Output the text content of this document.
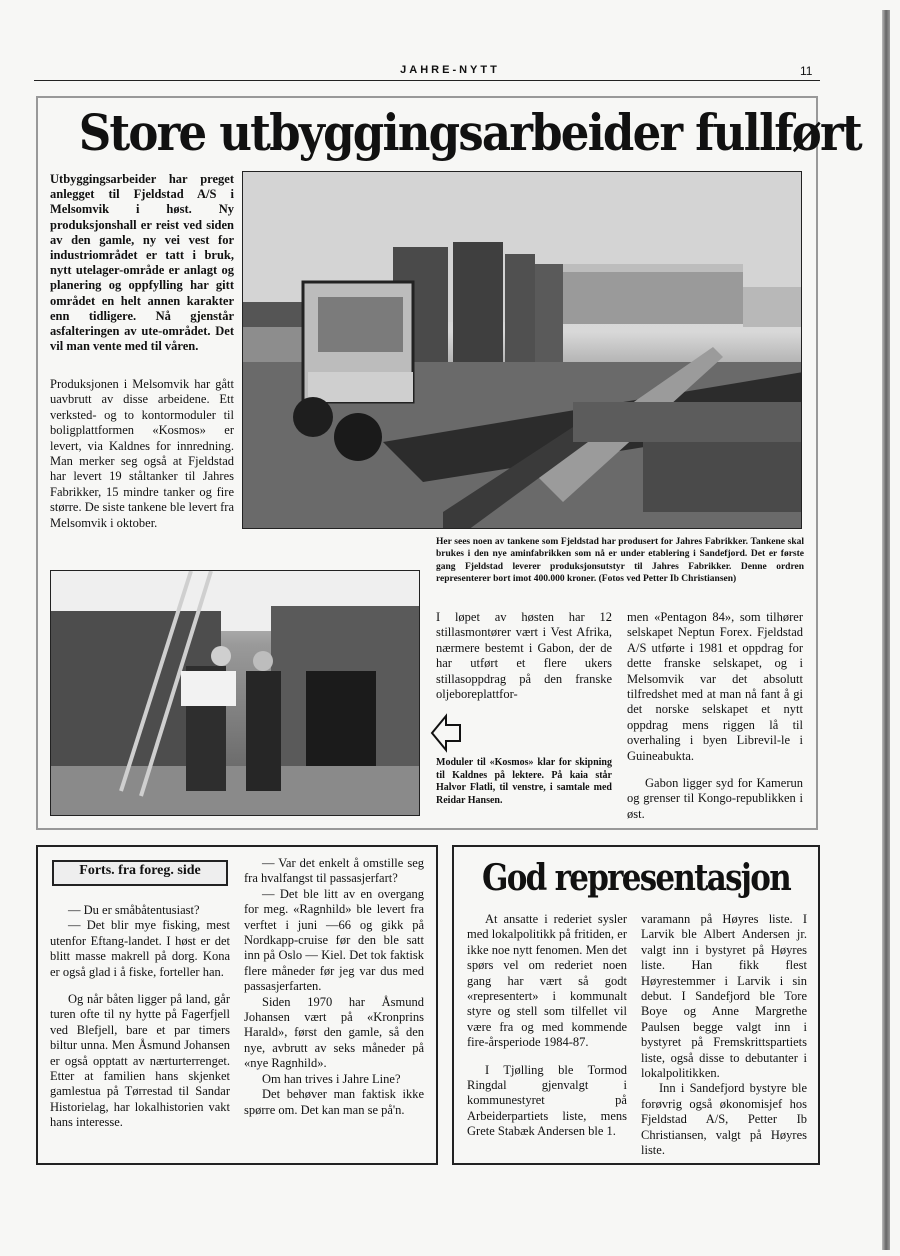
JAHRE-NYTT	11
Store utbyggingsarbeider fullført
Utbyggingsarbeider har preget anlegget til Fjeldstad A/S i Melsomvik i høst. Ny produksjonshall er reist ved siden av den gamle, ny vei vest for industriområdet er tatt i bruk, nytt utelager-område er anlagt og planering og oppfylling har gitt området en helt annen karakter enn tidligere. Nå gjenstår asfalteringen av ute-området. Det vil man vente med til våren.
Produksjonen i Melsomvik har gått uavbrutt av disse arbeidene. Ett verksted- og to kontormoduler til boligplattformen «Kosmos» er levert, via Kaldnes for innredning. Man merker seg også at Fjeldstad har levert 19 ståltanker til Jahres Fabrikker, 15 mindre tanker og fire større. De siste tankene ble levert fra Melsomvik i oktober.
Her sees noen av tankene som Fjeldstad har produsert for Jahres Fabrikker. Tankene skal brukes i den nye aminfabrikken som nå er under etablering i Sandefjord. Det er første gang Fjeldstad leverer produksjonsutstyr til Jahres Fabrikker. Denne ordren representerer bort imot 400.000 kroner. (Fotos ved Petter Ib Christiansen)
I løpet av høsten har 12 stillasmontører vært i Vest Afrika, nærmere bestemt i Gabon, der de har utført et flere ukers stillasoppdrag på den franske oljeboreplattfor-

men «Pentagon 84», som tilhører selskapet Neptun Forex. Fjeldstad A/S utførte i 1981 et oppdrag for dette franske selskapet, og i Melsomvik var det absolutt tilfredshet med at man nå fant å gi det norske selskapet et nytt oppdrag mens riggen lå til overhaling i byen Librevil-le i Guineabukta.

Gabon ligger syd for Kamerun og grenser til Kongo-republikken i øst.

Moduler til «Kosmos» klar for skipning til Kaldnes på lektere. På kaia står Halvor Flatli, til venstre, i samtale med Reidar Hansen.
Forts. fra foreg. side

— Du er småbåtentusiast?

— Det blir mye fisking, mest utenfor Eftang-landet. I høst er det blitt masse makrell på dorg. Kona er også glad i å fiske, forteller han.

Og når båten ligger på land, går turen ofte til ny hytte på Fagerfjell ved Blefjell, bare et par timers biltur unna. Men Åsmund Johansen er også opptatt av nærturterrenget. Etter at familien hans skjenket gamlestua på Tørrestad til Sandar Historielag, har lokalhistorien vakt hans interesse.

— Var det enkelt å omstille seg fra hvalfangst til passasjerfart?

— Det ble litt av en overgang for meg. «Ragnhild» ble levert fra verftet i juni —66 og gikk på Nordkapp-cruise før den ble satt inn på Oslo — Kiel. Det tok faktisk flere måneder før jeg var dus med passasjerfarten.

Siden 1970 har Åsmund Johansen vært på «Kronprins Harald», først den gamle, så den nye, avbrutt av seks måneder på «nye Ragnhild».

Om han trives i Jahre Line?

Det behøver man faktisk ikke spørre om. Det kan man se på'n.

God representasjon

At ansatte i rederiet sysler med lokalpolitikk på fritiden, er ikke noe nytt fenomen. Men det spørs vel om rederiet noen gang har vært så godt «representert» i kommunalt styre og stell som tilfellet vil være fra og med kommende fire-årsperiode 1984-87.

I Tjølling ble Tormod Ringdal gjenvalgt i kommunestyret på Arbeiderpartiets liste, mens Grete Stabæk Andersen ble 1.

varamann på Høyres liste. I Larvik ble Albert Andersen jr. valgt inn i bystyret på Høyres liste. Han fikk flest Høyrestemmer i Larvik i sin debut. I Sandefjord ble Tore Boye og Anne Margrethe Paulsen begge valgt inn i bystyret på Fremskrittspartiets liste, også disse to debutanter i lokalpolitikken.

Inn i Sandefjord bystyre ble forøvrig også økonomisjef hos Fjeldstad A/S, Petter Ib Christiansen, valgt på Høyres liste.
